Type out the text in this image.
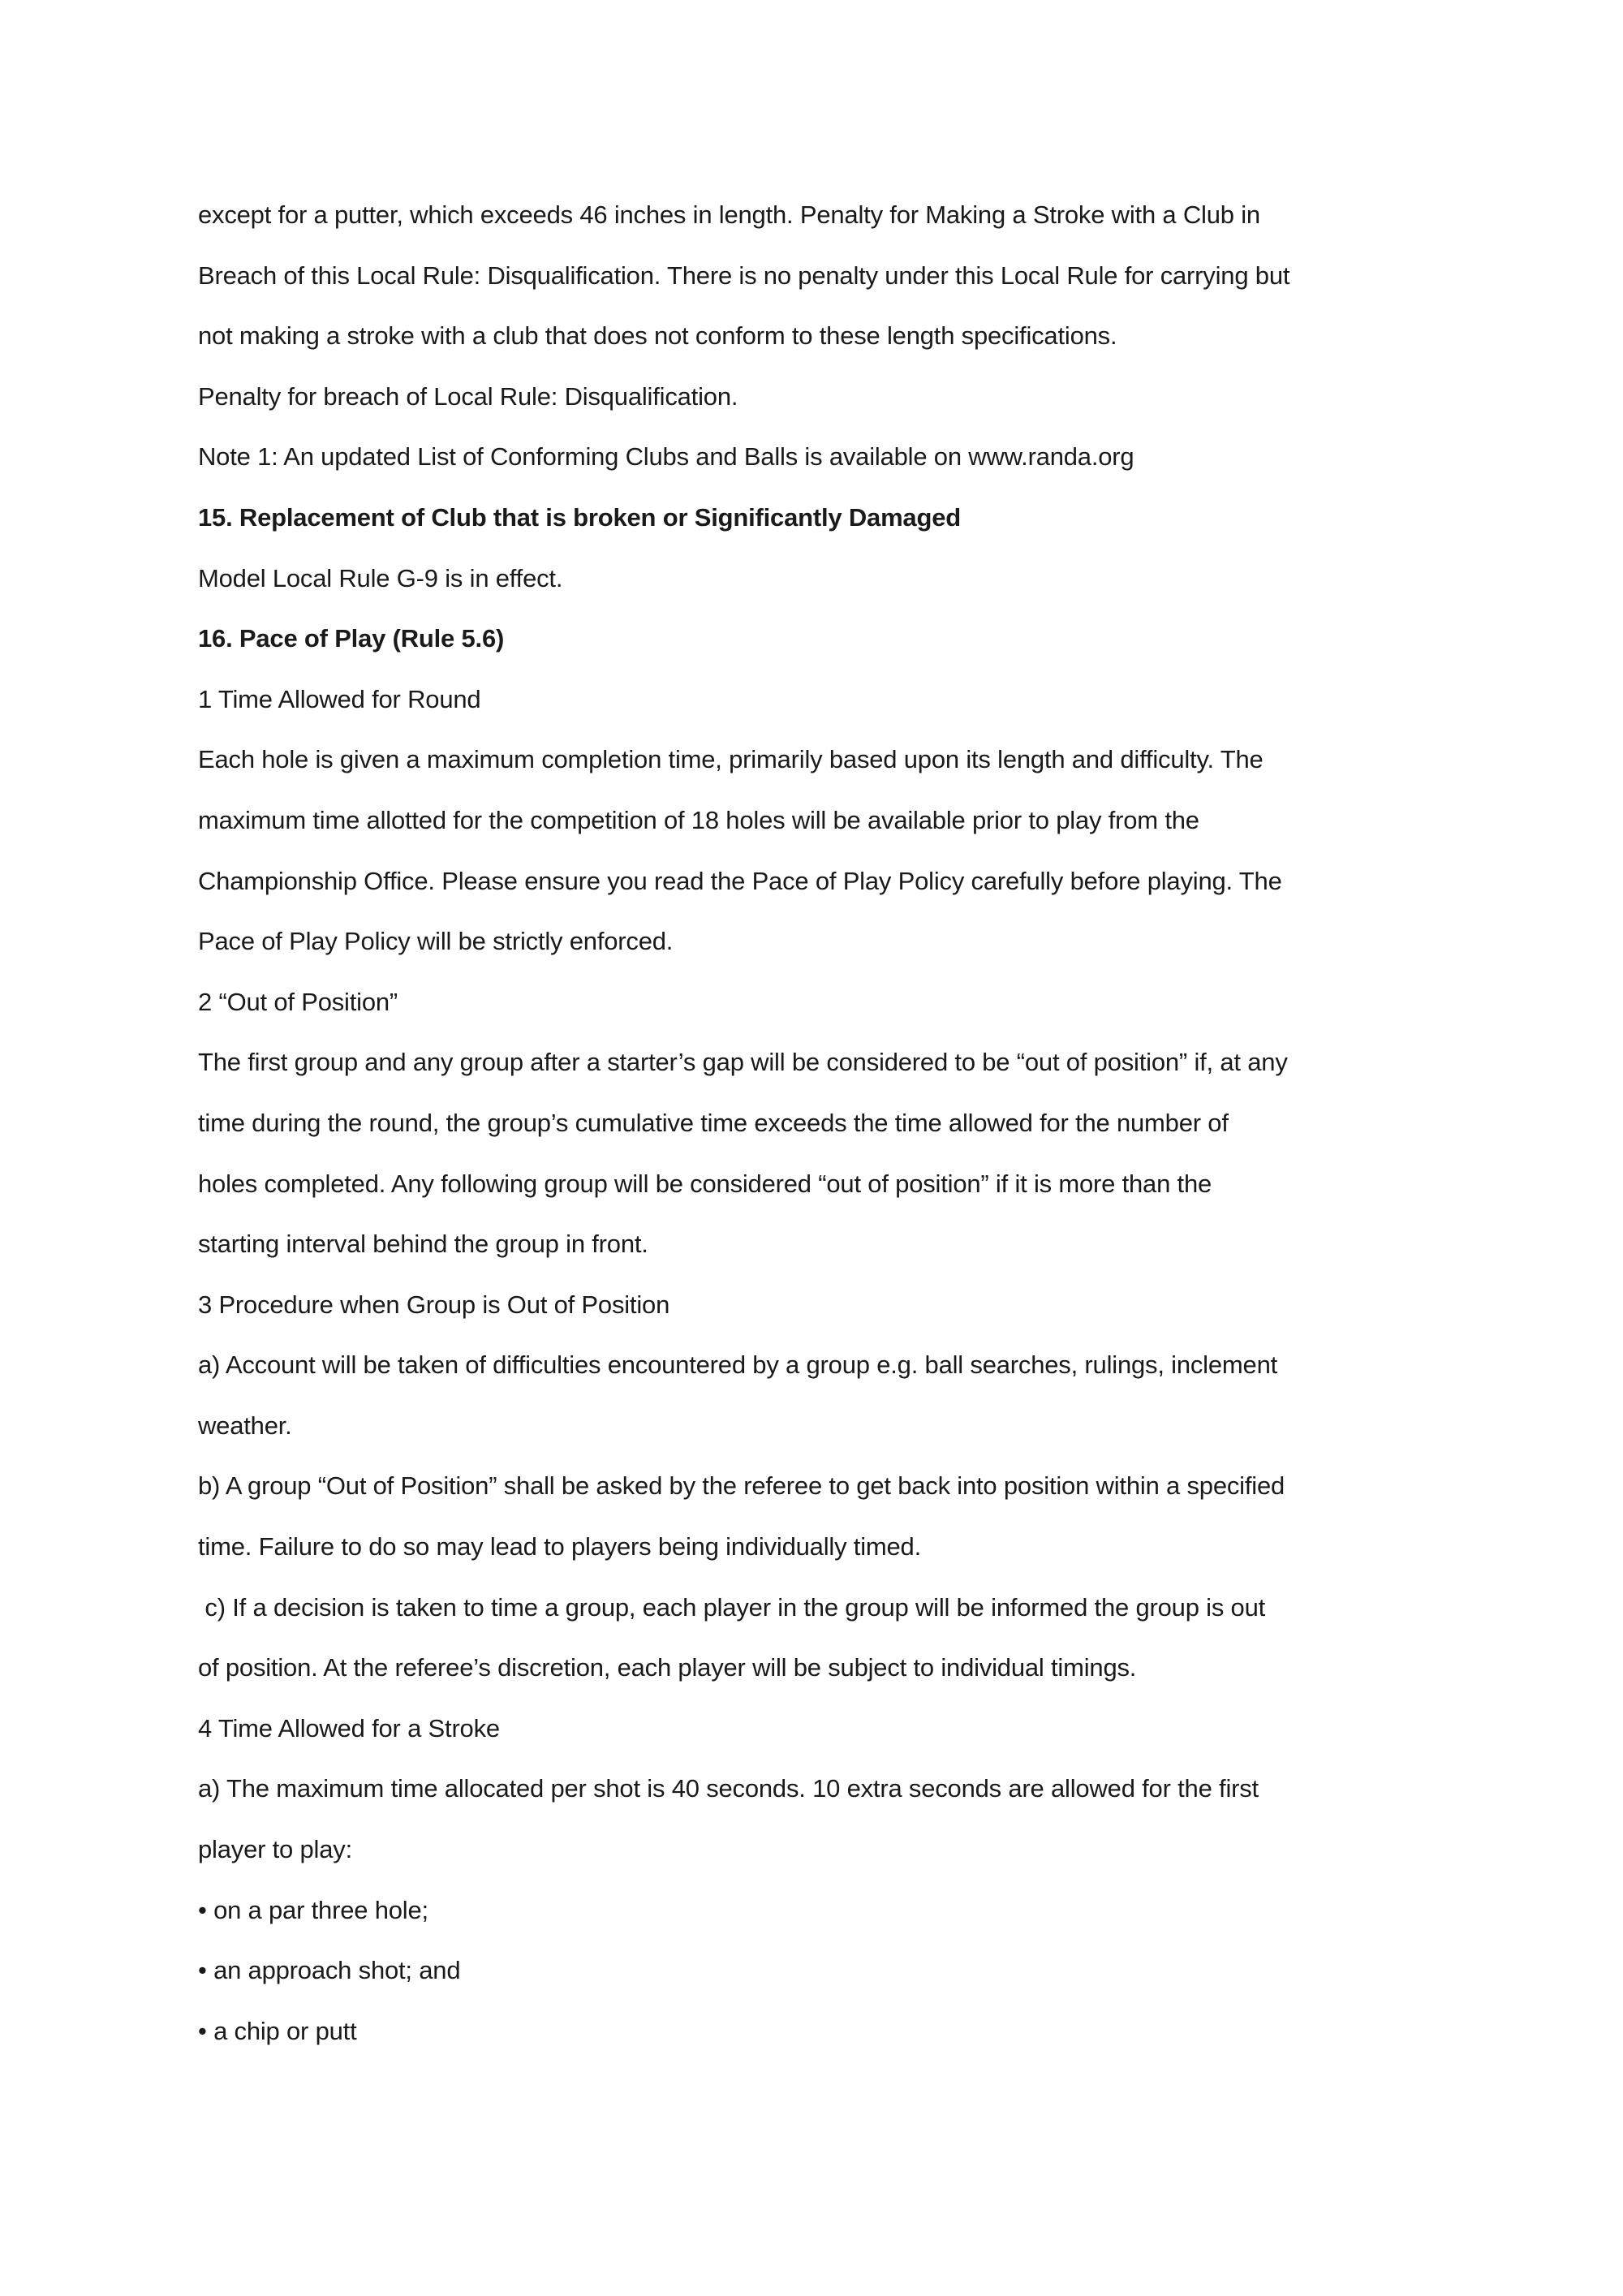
except for a putter, which exceeds 46 inches in length. Penalty for Making a Stroke with a Club in
Breach of this Local Rule: Disqualification. There is no penalty under this Local Rule for carrying but
not making a stroke with a club that does not conform to these length specifications.
Penalty for breach of Local Rule: Disqualification.
Note 1: An updated List of Conforming Clubs and Balls is available on www.randa.org
15. Replacement of Club that is broken or Significantly Damaged
Model Local Rule G-9 is in effect.
16. Pace of Play (Rule 5.6)
1 Time Allowed for Round
Each hole is given a maximum completion time, primarily based upon its length and difficulty. The
maximum time allotted for the competition of 18 holes will be available prior to play from the
Championship Office. Please ensure you read the Pace of Play Policy carefully before playing. The
Pace of Play Policy will be strictly enforced.
2 “Out of Position”
The first group and any group after a starter’s gap will be considered to be “out of position” if, at any
time during the round, the group’s cumulative time exceeds the time allowed for the number of
holes completed. Any following group will be considered “out of position” if it is more than the
starting interval behind the group in front.
3 Procedure when Group is Out of Position
a) Account will be taken of difficulties encountered by a group e.g. ball searches, rulings, inclement
weather.
b) A group “Out of Position” shall be asked by the referee to get back into position within a specified
time. Failure to do so may lead to players being individually timed.
c) If a decision is taken to time a group, each player in the group will be informed the group is out
of position. At the referee’s discretion, each player will be subject to individual timings.
4 Time Allowed for a Stroke
a) The maximum time allocated per shot is 40 seconds. 10 extra seconds are allowed for the first
player to play:
• on a par three hole;
• an approach shot; and
• a chip or putt
